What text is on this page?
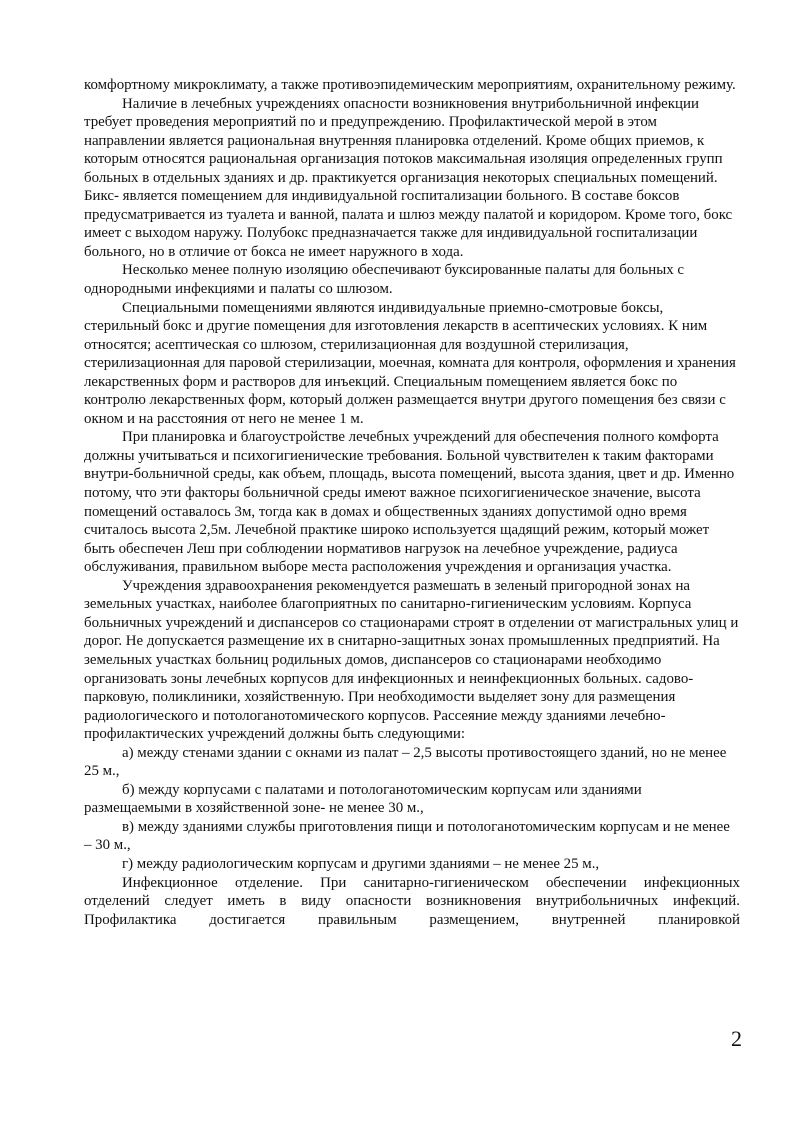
комфортному микроклимату, а также противоэпидемическим мероприятиям, охранительному режиму.

Наличие в лечебных учреждениях опасности возникновения внутрибольничной инфекции требует проведения мероприятий по и предупреждению. Профилактической мерой в этом направлении является рациональная внутренняя планировка отделений. Кроме общих приемов, к которым относятся рациональная организация потоков максимальная изоляция определенных групп больных в отдельных зданиях и др. практикуется организация некоторых специальных помещений. Бикс- является помещением для индивидуальной госпитализации больного. В составе боксов предусматривается из туалета и ванной, палата и шлюз между палатой и коридором. Кроме того, бокс имеет с выходом наружу. Полубокс предназначается также для индивидуальной госпитализации больного, но в отличие от бокса не имеет наружного в хода.

Несколько менее полную изоляцию обеспечивают буксированные палаты для больных с однородными инфекциями и палаты со шлюзом.

Специальными помещениями являются индивидуальные приемно-смотровые боксы, стерильный бокс и другие помещения для изготовления лекарств в асептических условиях. К ним относятся; асептическая со шлюзом, стерилизационная для воздушной стерилизация, стерилизационная для паровой стерилизации, моечная, комната для контроля, оформления и хранения лекарственных форм и растворов для инъекций. Специальным помещением является бокс по контролю лекарственных форм, который должен размещается внутри другого помещения без связи с окном и на расстояния от него не менее 1 м.

При планировка и благоустройстве лечебных учреждений для обеспечения полного комфорта должны учитываться и психогигиенические требования. Больной чувствителен к таким факторами внутри-больничной среды, как объем, площадь, высота помещений, высота здания, цвет и др. Именно потому, что эти факторы больничной среды имеют важное психогигиеническое значение, высота помещений оставалось 3м, тогда как в домах и общественных зданиях допустимой одно время считалось высота 2,5м. Лечебной практике широко используется щадящий режим, который может быть обеспечен Леш при соблюдении нормативов нагрузок на лечебное учреждение, радиуса обслуживания, правильном выборе места расположения учреждения и организация участка.

Учреждения здравоохранения рекомендуется размешать в зеленый пригородной зонах на земельных участках, наиболее благоприятных по санитарно-гигиеническим условиям. Корпуса больничных учреждений и диспансеров со стационарами строят в отделении от магистральных улиц и дорог. Не допускается размещение их в снитарно-защитных зонах промышленных предприятий. На земельных участках больниц родильных домов, диспансеров со стационарами необходимо организовать зоны лечебных корпусов для инфекционных и неинфекционных больных. садово-парковую, поликлиники, хозяйственную. При необходимости выделяет зону для размещения радиологического и потологанотомического корпусов. Рассеяние между зданиями лечебно-профилактических учреждений должны быть следующими:

а) между стенами здании с окнами из палат – 2,5 высоты противостоящего зданий, но не менее 25 м.,

б) между корпусами с палатами и потологанотомическим корпусам или зданиями размещаемыми в хозяйственной зоне- не менее 30 м.,

в) между зданиями службы приготовления пищи и потологанотомическим корпусам и не менее – 30 м.,

г) между радиологическим корпусам и другими зданиями – не менее 25 м.,

Инфекционное отделение. При санитарно-гигиеническом обеспечении инфекционных отделений следует иметь в виду опасности возникновения внутрибольничных инфекций. Профилактика достигается правильным размещением, внутренней планировкой

2
